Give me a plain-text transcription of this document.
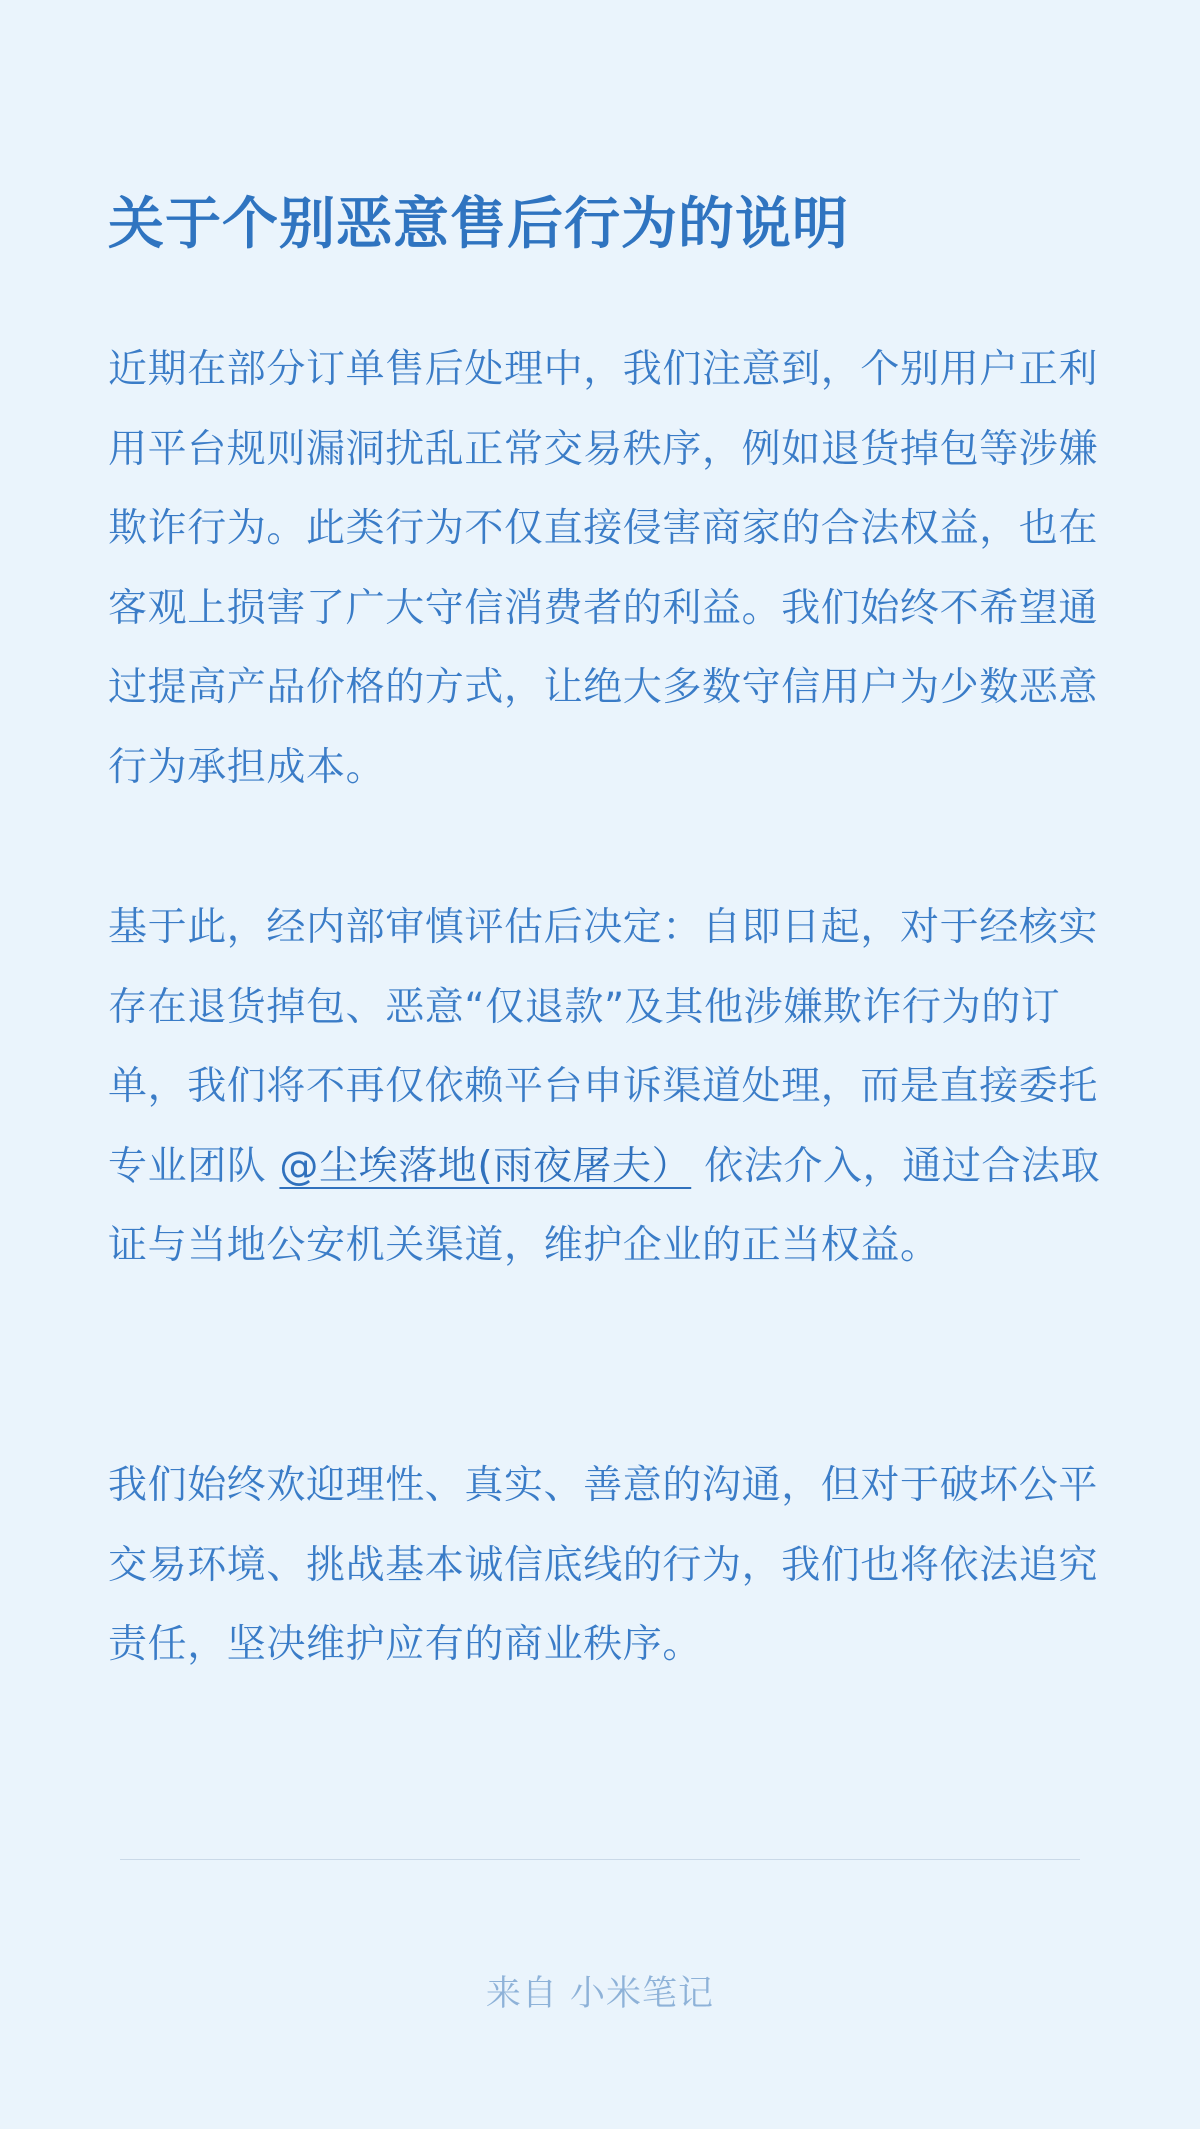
关于个别恶意售后行为的说明

近期在部分订单售后处理中，我们注意到，个别用户正利用平台规则漏洞扰乱正常交易秩序，例如退货掉包等涉嫌欺诈行为。此类行为不仅直接侵害商家的合法权益，也在客观上损害了广大守信消费者的利益。我们始终不希望通过提高产品价格的方式，让绝大多数守信用户为少数恶意行为承担成本。

基于此，经内部审慎评估后决定：自即日起，对于经核实存在退货掉包、恶意“仅退款”及其他涉嫌欺诈行为的订单，我们将不再仅依赖平台申诉渠道处理，而是直接委托专业团队 @尘埃落地(雨夜屠夫） 依法介入，通过合法取证与当地公安机关渠道，维护企业的正当权益。

我们始终欢迎理性、真实、善意的沟通，但对于破坏公平交易环境、挑战基本诚信底线的行为，我们也将依法追究责任，坚决维护应有的商业秩序。

来自 小米笔记
